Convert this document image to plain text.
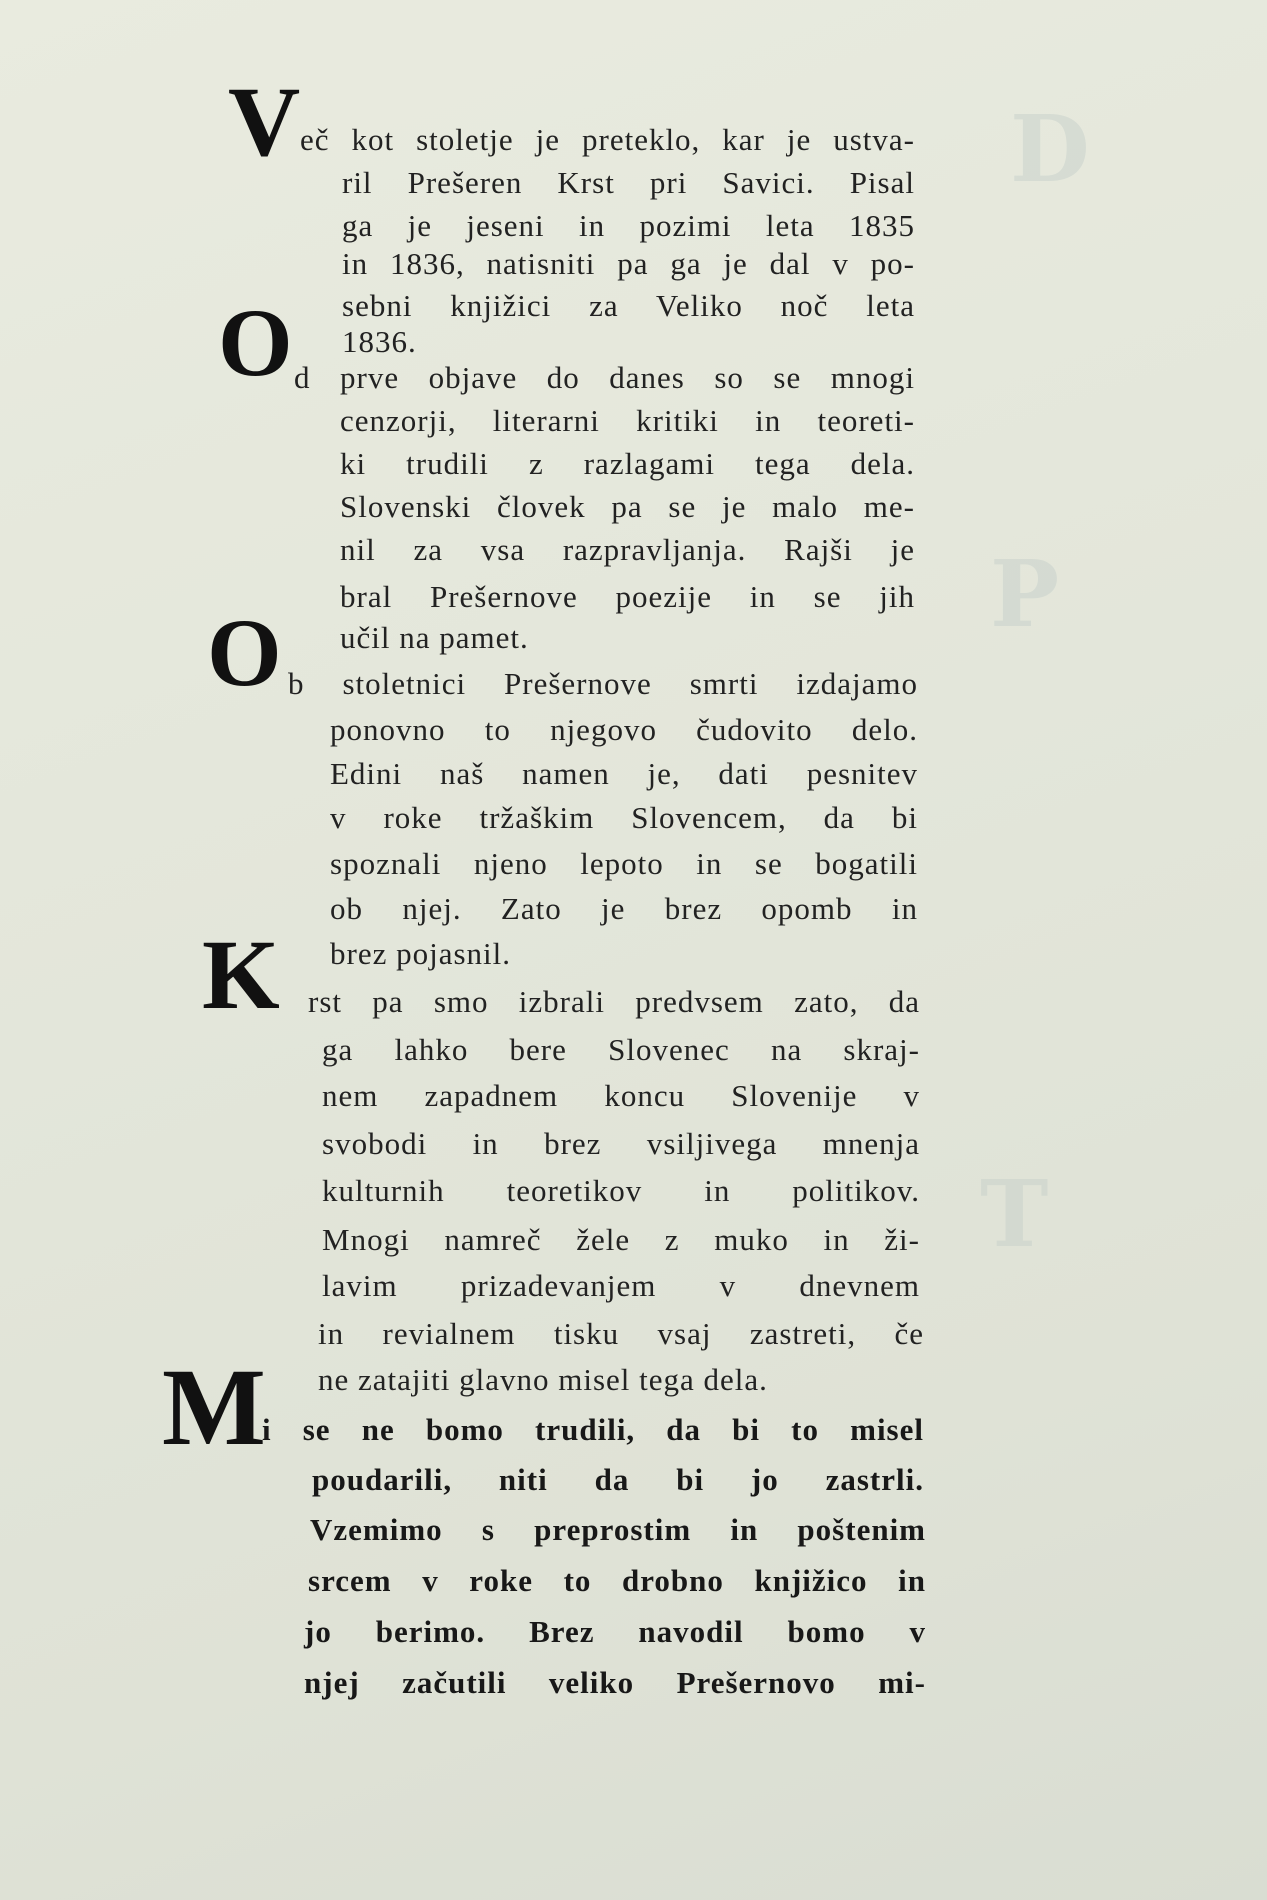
D
P
T
V
O
O
K
M
eč kot stoletje je preteklo, kar je ustva-
ril Prešeren Krst pri Savici. Pisal
ga je jeseni in pozimi leta 1835
in 1836, natisniti pa ga je dal v po-
sebni knjižici za Veliko noč leta
1836.
d prve objave do danes so se mnogi
cenzorji, literarni kritiki in teoreti-
ki trudili z razlagami tega dela.
Slovenski človek pa se je malo me-
nil za vsa razpravljanja. Rajši je
bral Prešernove poezije in se jih
učil na pamet.
b stoletnici Prešernove smrti izdajamo
ponovno to njegovo čudovito delo.
Edini naš namen je, dati pesnitev
v roke tržaškim Slovencem, da bi
spoznali njeno lepoto in se bogatili
ob njej. Zato je brez opomb in
brez pojasnil.
rst pa smo izbrali predvsem zato, da
ga lahko bere Slovenec na skraj-
nem zapadnem koncu Slovenije v
svobodi in brez vsiljivega mnenja
kulturnih teoretikov in politikov.
Mnogi namreč žele z muko in ži-
lavim prizadevanjem v dnevnem
in revialnem tisku vsaj zastreti, če
ne zatajiti glavno misel tega dela.
i se ne bomo trudili, da bi to misel
poudarili, niti da bi jo zastrli.
Vzemimo s preprostim in poštenim
srcem v roke to drobno knjižico in
jo berimo. Brez navodil bomo v
njej začutili veliko Prešernovo mi-
